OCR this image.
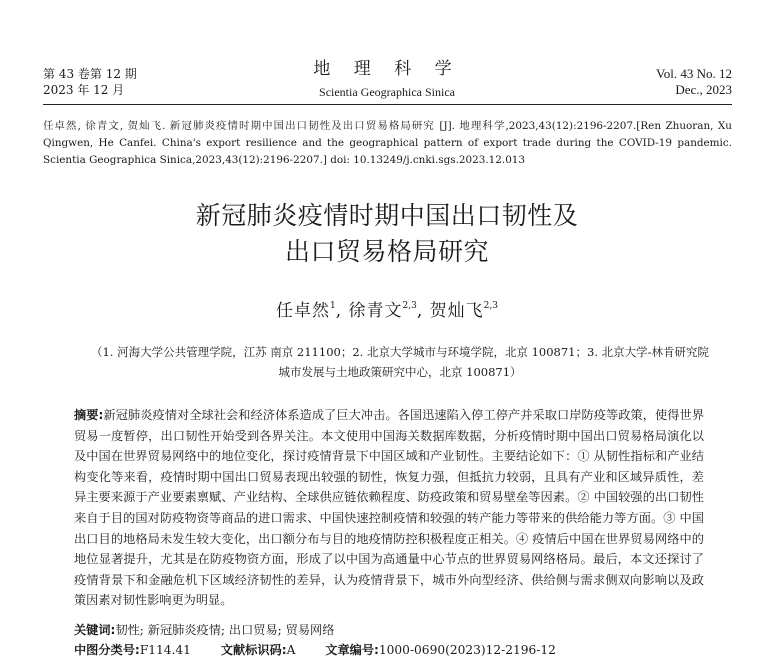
第 43 卷第 12 期
2023 年 12 月
地 理 科 学
Scientia Geographica Sinica
Vol. 43 No. 12
Dec., 2023
任卓然, 徐青文, 贺灿飞. 新冠肺炎疫情时期中国出口韧性及出口贸易格局研究 [J]. 地理科学,2023,43(12):2196-2207.[Ren Zhuoran, Xu Qingwen, He Canfei. China's export resilience and the geographical pattern of export trade during the COVID-19 pandemic. Scientia Geographica Sinica,2023,43(12):2196-2207.] doi: 10.13249/j.cnki.sgs.2023.12.013
新冠肺炎疫情时期中国出口韧性及
出口贸易格局研究
任卓然$^1$, 徐青文$^{2,3}$, 贺灿飞$^{2,3}$
（1. 河海大学公共管理学院，江苏 南京 211100；2. 北京大学城市与环境学院，北京 100871；3. 北京大学-林肯研究院
城市发展与土地政策研究中心，北京 100871）
摘要:新冠肺炎疫情对全球社会和经济体系造成了巨大冲击。各国迅速陷入停工停产并采取口岸防疫等政策，使得世界贸易一度暂停，出口韧性开始受到各界关注。本文使用中国海关数据库数据，分析疫情时期中国出口贸易格局演化以及中国在世界贸易网络中的地位变化，探讨疫情背景下中国区域和产业韧性。主要结论如下：① 从韧性指标和产业结构变化等来看，疫情时期中国出口贸易表现出较强的韧性，恢复力强，但抵抗力较弱，且具有产业和区域异质性，差异主要来源于产业要素禀赋、产业结构、全球供应链依赖程度、防疫政策和贸易壁垒等因素。② 中国较强的出口韧性来自于目的国对防疫物资等商品的进口需求、中国快速控制疫情和较强的转产能力等带来的供给能力等方面。③ 中国出口目的地格局未发生较大变化，出口额分布与目的地疫情防控积极程度正相关。④ 疫情后中国在世界贸易网络中的地位显著提升，尤其是在防疫物资方面，形成了以中国为高通量中心节点的世界贸易网络格局。最后，本文还探讨了疫情背景下和金融危机下区域经济韧性的差异，认为疫情背景下，城市外向型经济、供给侧与需求侧双向影响以及政策因素对韧性影响更为明显。
关键词:韧性; 新冠肺炎疫情; 出口贸易; 贸易网络
中图分类号:F114.41 文献标识码:A 文章编号:1000-0690(2023)12-2196-12
